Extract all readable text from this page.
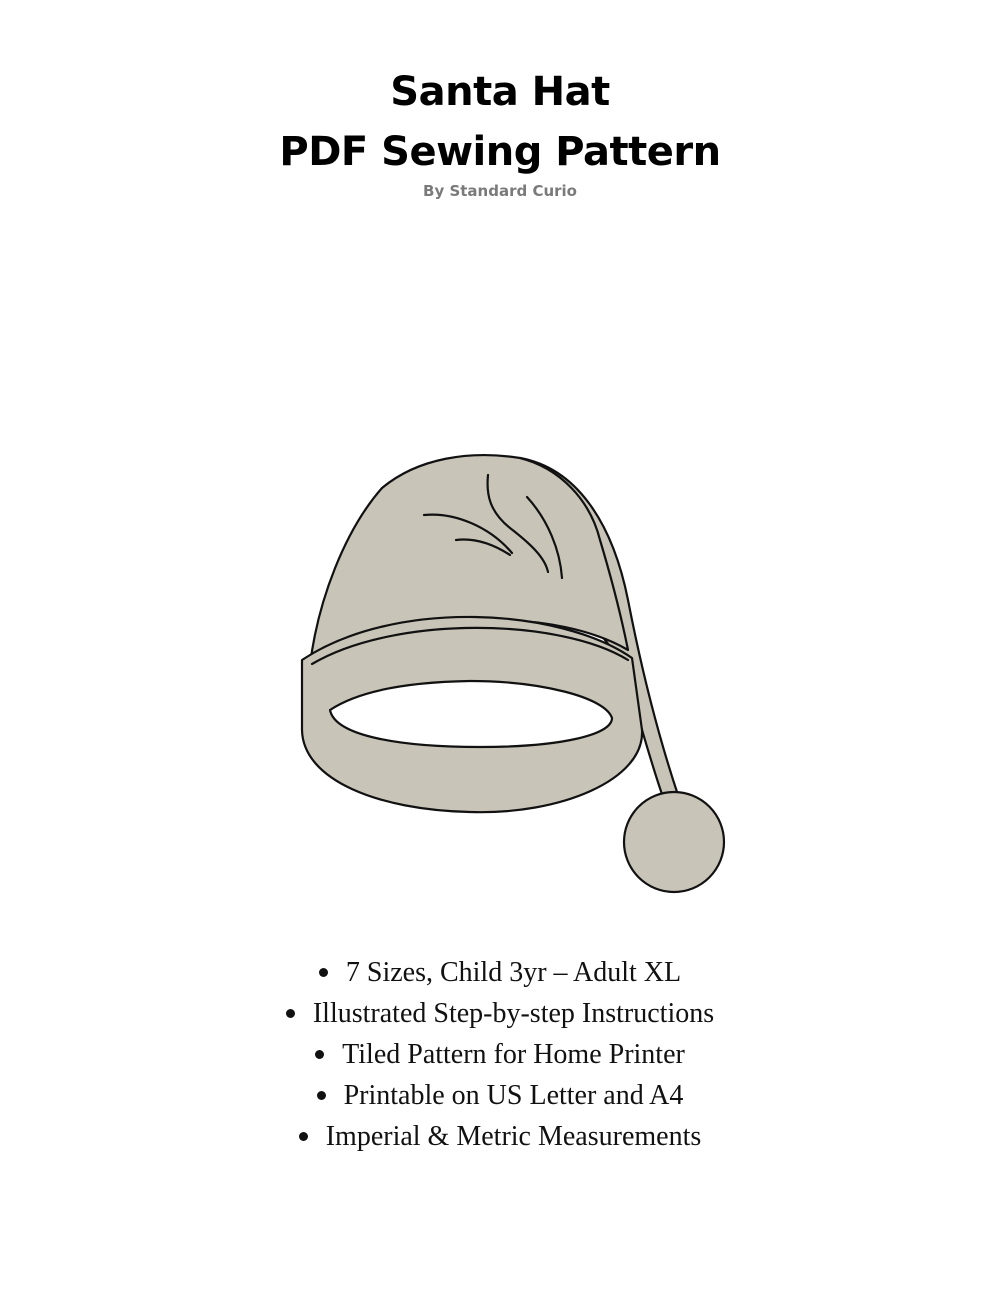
Santa Hat
PDF Sewing Pattern
By Standard Curio
7 Sizes, Child 3yr – Adult XL
Illustrated Step-by-step Instructions
Tiled Pattern for Home Printer
Printable on US Letter and A4
Imperial & Metric Measurements
